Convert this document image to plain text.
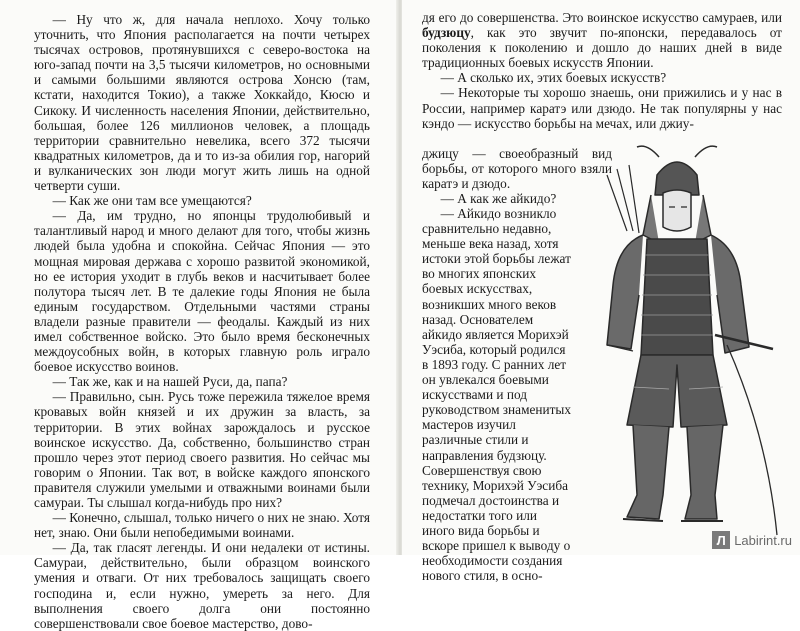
— Ну что ж, для начала неплохо. Хочу только уточнить, что Япония располагается на почти четырех тысячах островов, протянувшихся с северо-востока на юго-запад почти на 3,5 тысячи километров, но основными и самыми большими являются острова Хонсю (там, кстати, находится Токио), а также Хоккайдо, Кюсю и Сикоку. И численность населения Японии, действительно, большая, более 126 миллионов человек, а площадь территории сравнительно невелика, всего 372 тысячи квадратных километров, да и то из-за обилия гор, нагорий и вулканических зон люди могут жить лишь на одной четверти суши.

— Как же они там все умещаются?

— Да, им трудно, но японцы трудолюбивый и талантливый народ и много делают для того, чтобы жизнь людей была удобна и спокойна. Сейчас Япония — это мощная мировая держава с хорошо развитой экономикой, но ее история уходит в глубь веков и насчитывает более полутора тысяч лет. В те далекие годы Япония не была единым государством. Отдельными частями страны владели разные правители — феодалы. Каждый из них имел собственное войско. Это было время бесконечных междоусобных войн, в которых главную роль играло боевое искусство воинов.

— Так же, как и на нашей Руси, да, папа?

— Правильно, сын. Русь тоже пережила тяжелое время кровавых войн князей и их дружин за власть, за территории. В этих войнах зарождалось и русское воинское искусство. Да, собственно, большинство стран прошло через этот период своего развития. Но сейчас мы говорим о Японии. Так вот, в войске каждого японского правителя служили умелыми и отважными воинами были самураи. Ты слышал когда-нибудь про них?

— Конечно, слышал, только ничего о них не знаю. Хотя нет, знаю. Они были непобедимыми воинами.

— Да, так гласят легенды. И они недалеки от истины. Самураи, действительно, были образцом воинского умения и отваги. От них требовалось защищать своего господина и, если нужно, умереть за него. Для выполнения своего долга они постоянно совершенствовали свое боевое мастерство, дово-

дя его до совершенства. Это воинское искусство самураев, или будзюцу, как это звучит по-японски, передавалось от поколения к поколению и дошло до наших дней в виде традиционных боевых искусств Японии.

— А сколько их, этих боевых искусств?

— Некоторые ты хорошо знаешь, они прижились и у нас в России, например каратэ или дзюдо. Не так популярны у нас кэндо — искусство борьбы на мечах, или джиу-

джицу — своеобразный вид борьбы, от которого много взяли каратэ и дзюдо.

— А как же айкидо?

— Айкидо возникло сравнительно недавно, меньше века назад, хотя истоки этой борьбы лежат во многих японских боевых искусствах, возникших много веков назад. Основателем айкидо является Морихэй Уэсиба, который родился в 1893 году. С ранних лет он увлекался боевыми искусствами и под руководством знаменитых мастеров изучил различные стили и направления будзюцу. Совершенствуя свою технику, Морихэй Уэсиба подмечал достоинства и недостатки того или иного вида борьбы и вскоре пришел к выводу о необходимости создания нового стиля, в осно-

Л Labirint.ru
